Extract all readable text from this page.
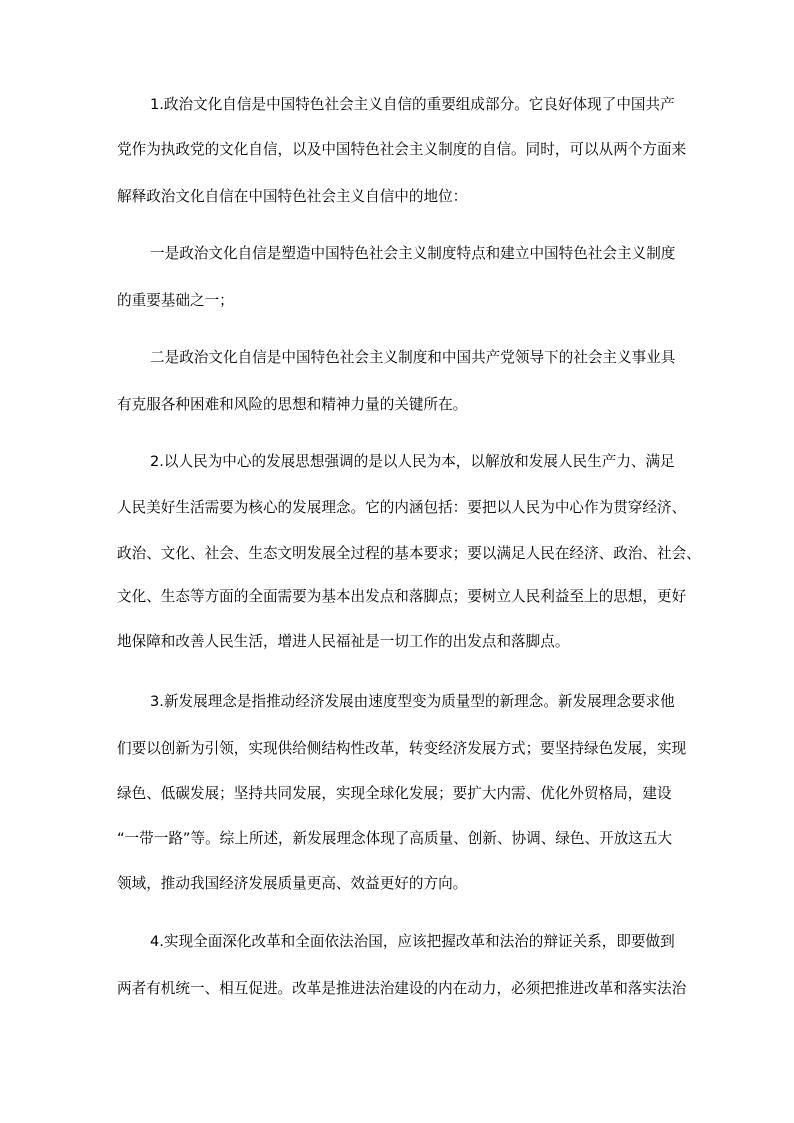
1.政治文化自信是中国特色社会主义自信的重要组成部分。它良好体现了中国共产
党作为执政党的文化自信，以及中国特色社会主义制度的自信。同时，可以从两个方面来
解释政治文化自信在中国特色社会主义自信中的地位：
一是政治文化自信是塑造中国特色社会主义制度特点和建立中国特色社会主义制度
的重要基础之一；
二是政治文化自信是中国特色社会主义制度和中国共产党领导下的社会主义事业具
有克服各种困难和风险的思想和精神力量的关键所在。
2.以人民为中心的发展思想强调的是以人民为本，以解放和发展人民生产力、满足
人民美好生活需要为核心的发展理念。它的内涵包括：要把以人民为中心作为贯穿经济、
政治、文化、社会、生态文明发展全过程的基本要求；要以满足人民在经济、政治、社会、
文化、生态等方面的全面需要为基本出发点和落脚点；要树立人民利益至上的思想，更好
地保障和改善人民生活，增进人民福祉是一切工作的出发点和落脚点。
3.新发展理念是指推动经济发展由速度型变为质量型的新理念。新发展理念要求他
们要以创新为引领，实现供给侧结构性改革，转变经济发展方式；要坚持绿色发展，实现
绿色、低碳发展；坚持共同发展，实现全球化发展；要扩大内需、优化外贸格局，建设
“一带一路”等。综上所述，新发展理念体现了高质量、创新、协调、绿色、开放这五大
领域，推动我国经济发展质量更高、效益更好的方向。
4.实现全面深化改革和全面依法治国，应该把握改革和法治的辩证关系，即要做到
两者有机统一、相互促进。改革是推进法治建设的内在动力，必须把推进改革和落实法治
